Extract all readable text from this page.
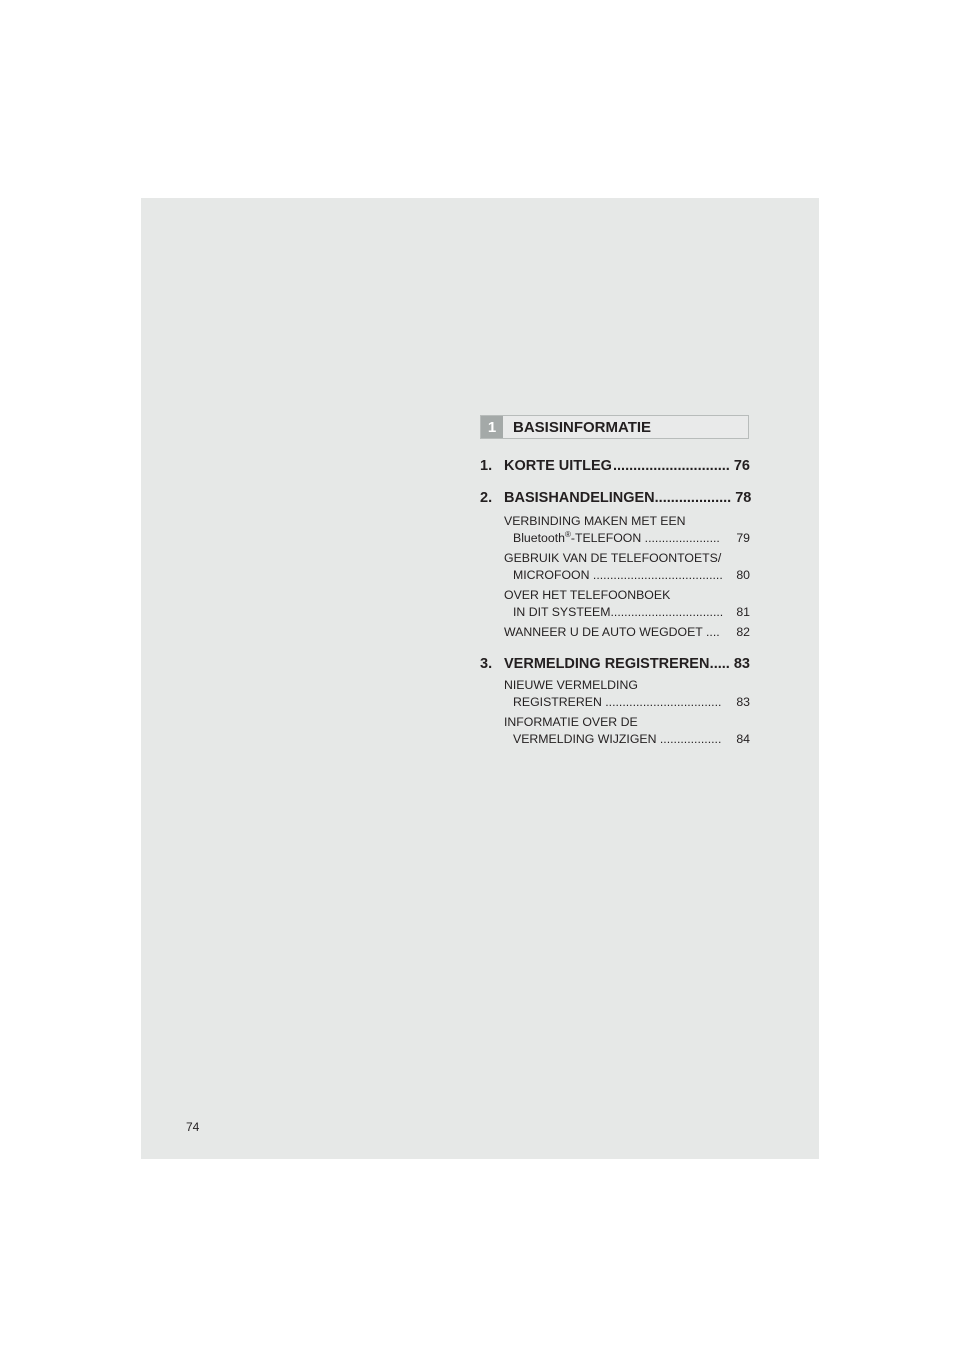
1	BASISINFORMATIE
1. KORTE UITLEG ............................. 76
2. BASISHANDELINGEN ................... 78
VERBINDING MAKEN MET EEN
Bluetooth®-TELEFOON ...................... 79
GEBRUIK VAN DE TELEFOONTOETS/
MICROFOON ...................................... 80
OVER HET TELEFOONBOEK
IN DIT SYSTEEM................................. 81
WANNEER U DE AUTO WEGDOET .... 82
3. VERMELDING REGISTREREN ..... 83
NIEUWE VERMELDING
REGISTREREN .................................. 83
INFORMATIE OVER DE
VERMELDING WIJZIGEN .................. 84
74
